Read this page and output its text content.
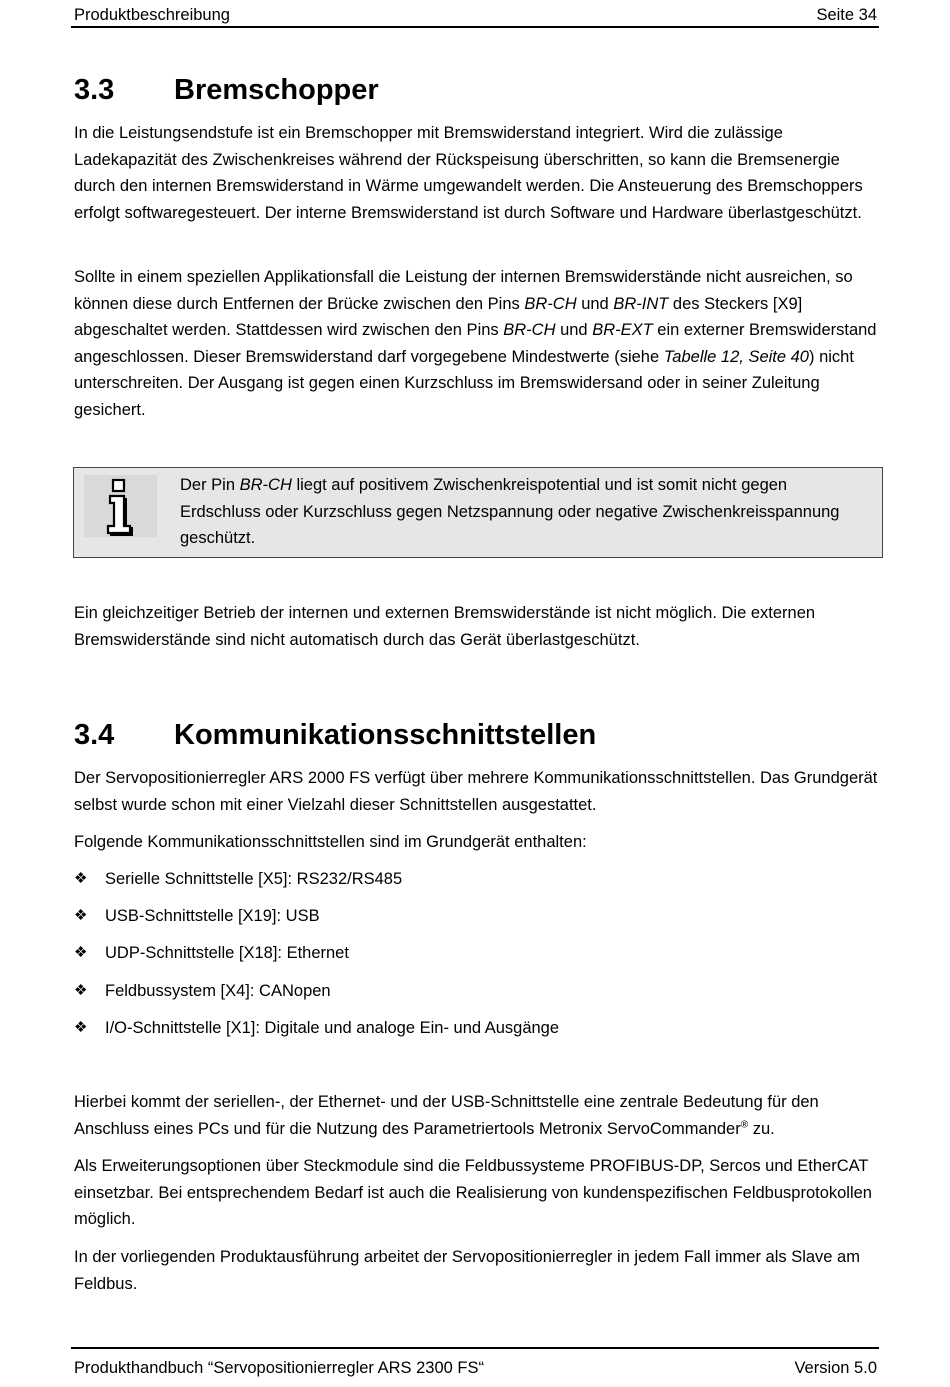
Produktbeschreibung	Seite 34
3.3	Bremschopper
In die Leistungsendstufe ist ein Bremschopper mit Bremswiderstand integriert. Wird die zulässige Ladekapazität des Zwischenkreises während der Rückspeisung überschritten, so kann die Bremsenergie durch den internen Bremswiderstand in Wärme umgewandelt werden. Die Ansteuerung des Bremschoppers erfolgt softwaregesteuert. Der interne Bremswiderstand ist durch Software und Hardware überlastgeschützt.
Sollte in einem speziellen Applikationsfall die Leistung der internen Bremswiderstände nicht ausreichen, so können diese durch Entfernen der Brücke zwischen den Pins BR-CH und BR-INT des Steckers [X9] abgeschaltet werden. Stattdessen wird zwischen den Pins BR-CH und BR-EXT ein externer Bremswiderstand angeschlossen. Dieser Bremswiderstand darf vorgegebene Mindestwerte (siehe Tabelle 12, Seite 40) nicht unterschreiten. Der Ausgang ist gegen einen Kurzschluss im Bremswidersand oder in seiner Zuleitung gesichert.
Der Pin BR-CH liegt auf positivem Zwischenkreispotential und ist somit nicht gegen Erdschluss oder Kurzschluss gegen Netzspannung oder negative Zwischenkreisspannung geschützt.
Ein gleichzeitiger Betrieb der internen und externen Bremswiderstände ist nicht möglich. Die externen Bremswiderstände sind nicht automatisch durch das Gerät überlastgeschützt.
3.4	Kommunikationsschnittstellen
Der Servopositionierregler ARS 2000 FS verfügt über mehrere Kommunikationsschnittstellen. Das Grundgerät selbst wurde schon mit einer Vielzahl dieser Schnittstellen ausgestattet.
Folgende Kommunikationsschnittstellen sind im Grundgerät enthalten:
❖ Serielle Schnittstelle [X5]: RS232/RS485
❖ USB-Schnittstelle [X19]: USB
❖ UDP-Schnittstelle [X18]: Ethernet
❖ Feldbussystem [X4]: CANopen
❖ I/O-Schnittstelle [X1]: Digitale und analoge Ein- und Ausgänge
Hierbei kommt der seriellen-, der Ethernet- und der USB-Schnittstelle eine zentrale Bedeutung für den Anschluss eines PCs und für die Nutzung des Parametriertools Metronix ServoCommander® zu.
Als Erweiterungsoptionen über Steckmodule sind die Feldbussysteme PROFIBUS-DP, Sercos und EtherCAT einsetzbar. Bei entsprechendem Bedarf ist auch die Realisierung von kundenspezifischen Feldbusprotokollen möglich.
In der vorliegenden Produktausführung arbeitet der Servopositionierregler in jedem Fall immer als Slave am Feldbus.
Produkthandbuch “Servopositionierregler ARS 2300 FS“	Version 5.0
